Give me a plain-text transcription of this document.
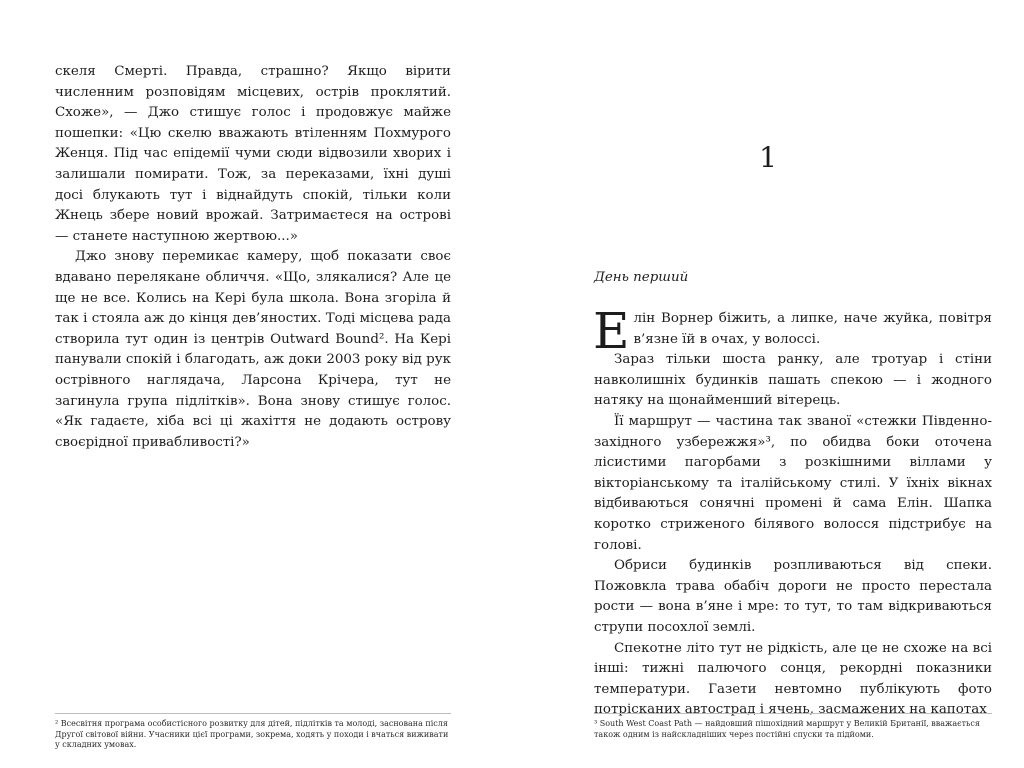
скеля Смерті. Правда, страшно? Якщо вірити численним розповідям місцевих, острів проклятий. Схоже», — Джо стишує голос і продовжує майже пошепки: «Цю скелю вважають втіленням Похмурого Женця. Під час епідемії чуми сюди відвозили хворих і залишали помирати. Тож, за переказами, їхні душі досі блукають тут і віднайдуть спокій, тільки коли Жнець збере новий врожай. Затримаєтеся на острові — станете наступною жертвою...»

Джо знову перемикає камеру, щоб показати своє вдавано перелякане обличчя. «Що, злякалися? Але це ще не все. Колись на Кері була школа. Вона згоріла й так і стояла аж до кінця дев’яностих. Тоді місцева рада створила тут один із центрів Outward Bound². На Кері панували спокій і благодать, аж доки 2003 року від рук острівного наглядача, Ларсона Крічера, тут не загинула група підлітків». Вона знову стишує голос. «Як гадаєте, хіба всі ці жахіття не додають острову своєрідної привабливості?»

² Всесвітня програма особистісного розвитку для дітей, підлітків та молоді, заснована після Другої світової війни. Учасники цієї програми, зокрема, ходять у походи і вчаться виживати у складних умовах.
1
День перший

Елін Ворнер біжить, а липке, наче жуйка, повітря в’язне їй в очах, у волоссі.

Зараз тільки шоста ранку, але тротуар і стіни навколишніх будинків пашать спекою — і жодного натяку на щонайменший вітерець.

Її маршрут — частина так званої «стежки Південно-західного узбережжя»³, по обидва боки оточена лісистими пагорбами з розкішними віллами у вікторіанському та італійському стилі. У їхніх вікнах відбиваються сонячні промені й сама Елін. Шапка коротко стриженого білявого волосся підстрибує на голові.

Обриси будинків розпливаються від спеки. Пожовкла трава обабіч дороги не просто перестала рости — вона в’яне і мре: то тут, то там відкриваються струпи посохлої землі.

Спекотне літо тут не рідкість, але це не схоже на всі інші: тижні палючого сонця, рекордні показники температури. Газети невтомно публікують фото потрісканих автострад і ячень, засмажених на капотах

³ South West Coast Path — найдовший пішохідний маршрут у Великій Британії, вважається також одним із найскладніших через постійні спуски та підйоми.
